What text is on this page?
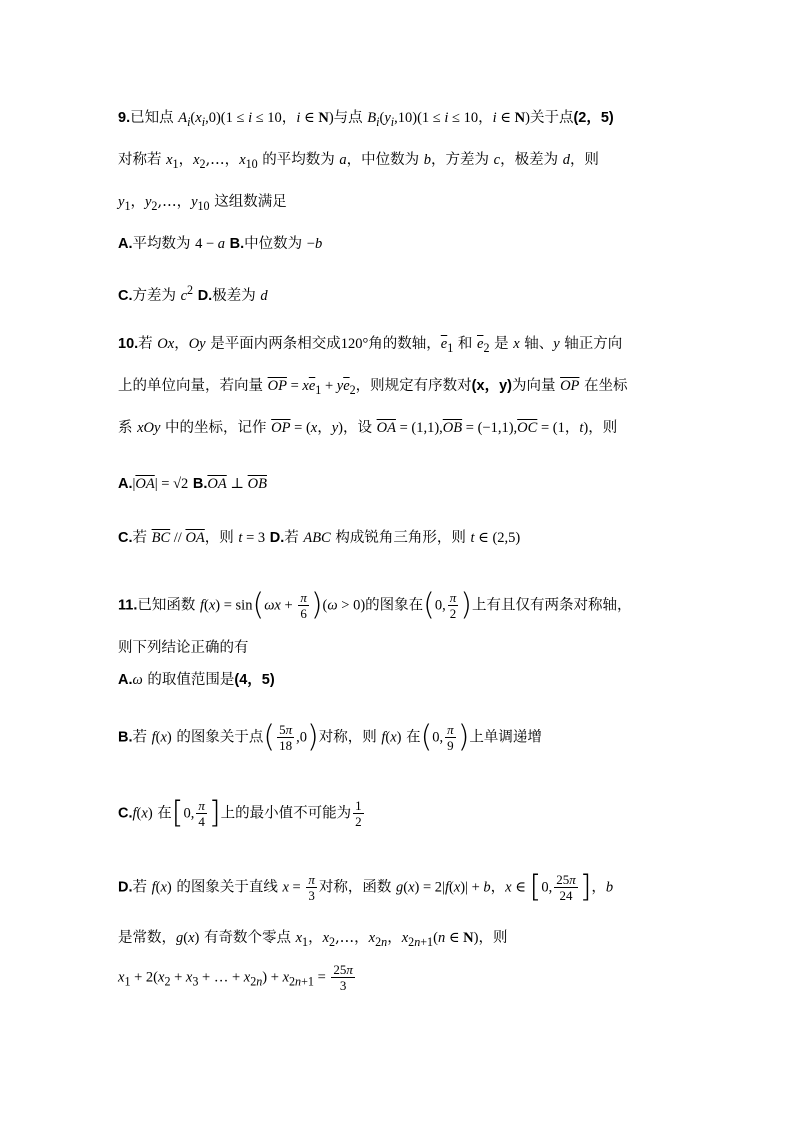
9.已知点 $A_i(x_i,0)(1 \le i \le 10$，i ∈ N)与点 $B_i(y_i,10)(1 \le i \le 10$，i ∈ N)关于点(2，5)
对称若 $x_1$，$x_2,\dots$，$x_{10}$ 的平均数为 a，中位数为 b，方差为 c，极差为 d，则
$y_1$，$y_2,\dots$，$y_{10}$ 这组数满足
A.平均数为 4 − a B.中位数为 −b
C.方差为 $c^2$ D.极差为 d
10.若 Ox，Oy 是平面内两条相交成120°角的数轴，$\overline{e}_1$ 和 $\overline{e}_2$ 是 x 轴、y 轴正方向
上的单位向量，若向量 $\overline{OP} = x\overline{e}_1 + y\overline{e}_2$，则规定有序数对(x，y)为向量 $\overline{OP}$ 在坐标
系 xOy 中的坐标，记作 $\overline{OP} = (x$，y)，设 $\overline{OA} = (1,1),\overline{OB} = (-1,1),\overline{OC} = (1$，t)，则
$A.|\overline{OA}| = √2$ $B.\overline{OA}$ ⊥ $\overline{OB}$
C.若 $\overline{BC} // \overline{OA}$，则 t = 3 D.若 ABC 构成锐角三角形，则 t ∈ (2,5)
11.已知函数 $f(x) = \sin(\omega x + \frac{\pi}{6} )(\omega > 0)$的图象在(0, $\frac{\pi}{2}$ )上有且仅有两条对称轴，
则下列结论正确的有
A.ω 的取值范围是(4，5)
B.若 f(x) 的图象关于点( $\frac{5\pi}{18} ,0$)对称，则 f(x) 在(0, $\frac{\pi}{9}$ )上单调递增
C.f(x) 在[0, $\frac{\pi}{4}$ ]上的最小值不可能为 $\frac{1}{2}$
D.若 f(x) 的图象关于直线 $x = \frac{\pi}{3}$ 对称，函数 g(x) = 2|f(x)| + b，x ∈ [0, $\frac{25\pi}{24}$ ]，b
是常数，g(x) 有奇数个零点 $x_1$，$x_2,\dots$，$x_{2n}$，$x_{2n+1}(n$ ∈ N)，则
$x_1 + 2(x_2 + x_3$ + … + $x_{2n}) + x_{2n+1} = \frac{25\pi}{3}$
